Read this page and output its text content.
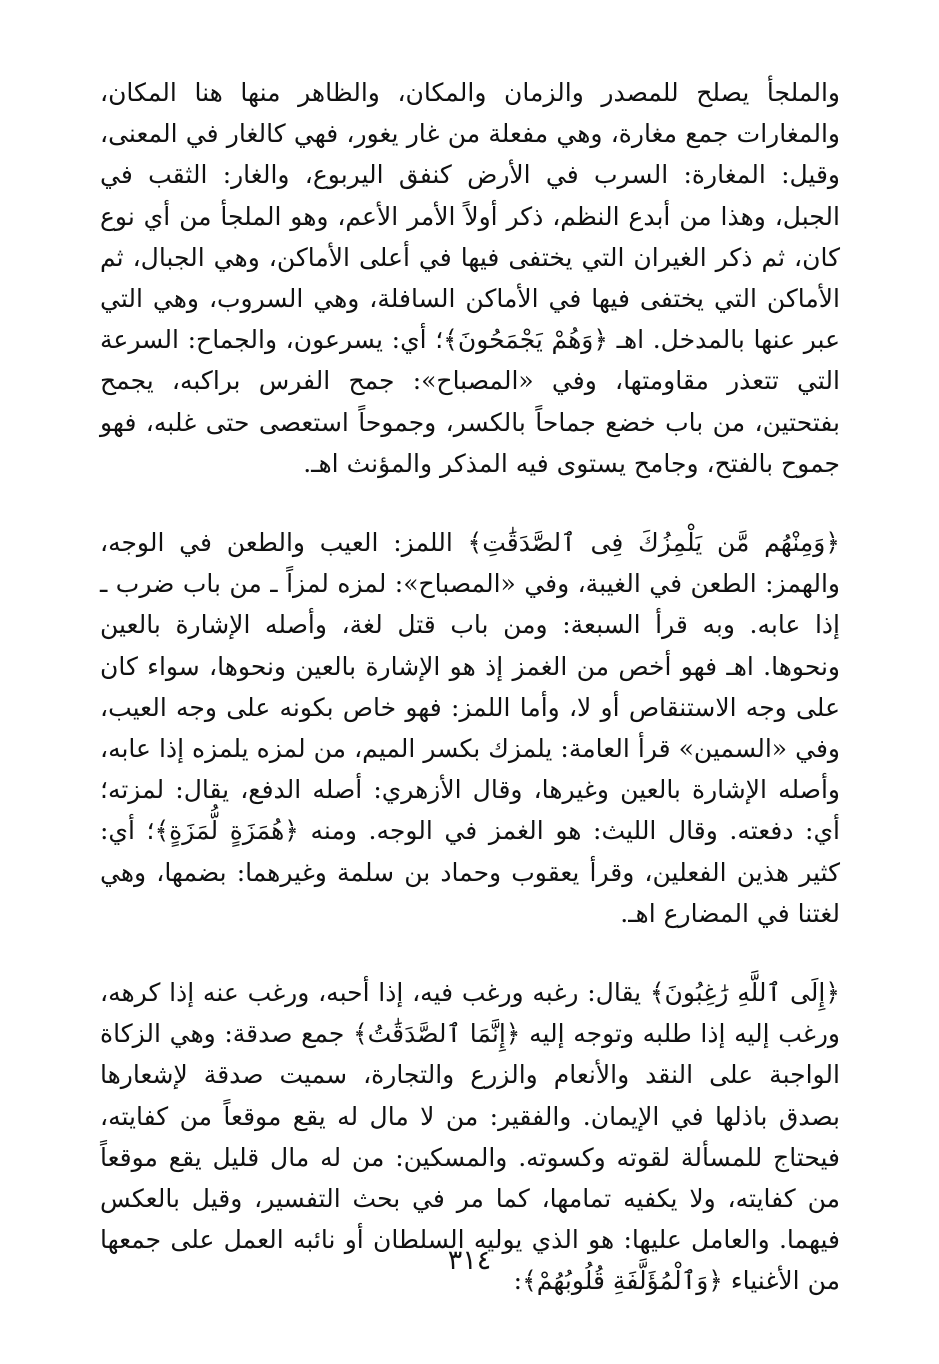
والملجأ يصلح للمصدر والزمان والمكان، والظاهر منها هنا المكان، والمغارات جمع مغارة، وهي مفعلة من غار يغور، فهي كالغار في المعنى، وقيل: المغارة: السرب في الأرض كنفق اليربوع، والغار: الثقب في الجبل، وهذا من أبدع النظم، ذكر أولاً الأمر الأعم، وهو الملجأ من أي نوع كان، ثم ذكر الغيران التي يختفى فيها في أعلى الأماكن، وهي الجبال، ثم الأماكن التي يختفى فيها في الأماكن السافلة، وهي السروب، وهي التي عبر عنها بالمدخل. اهـ ﴿وَهُمْ يَجْمَحُونَ﴾؛ أي: يسرعون، والجماح: السرعة التي تتعذر مقاومتها، وفي «المصباح»: جمح الفرس براكبه، يجمح بفتحتين، من باب خضع جماحاً بالكسر، وجموحاً استعصى حتى غلبه، فهو جموح بالفتح، وجامح يستوى فيه المذكر والمؤنث اهـ.

﴿وَمِنْهُم مَّن يَلْمِزُكَ فِى ٱلصَّدَقَٰتِ﴾ اللمز: العيب والطعن في الوجه، والهمز: الطعن في الغيبة، وفي «المصباح»: لمزه لمزاً ـ من باب ضرب ـ إذا عابه. وبه قرأ السبعة: ومن باب قتل لغة، وأصله الإشارة بالعين ونحوها. اهـ فهو أخص من الغمز إذ هو الإشارة بالعين ونحوها، سواء كان على وجه الاستنقاص أو لا، وأما اللمز: فهو خاص بكونه على وجه العيب، وفي «السمين» قرأ العامة: يلمزك بكسر الميم، من لمزه يلمزه إذا عابه، وأصله الإشارة بالعين وغيرها، وقال الأزهري: أصله الدفع، يقال: لمزته؛ أي: دفعته. وقال الليث: هو الغمز في الوجه. ومنه ﴿هُمَزَةٍ لُّمَزَةٍ﴾؛ أي: كثير هذين الفعلين، وقرأ يعقوب وحماد بن سلمة وغيرهما: بضمها، وهي لغتنا في المضارع اهـ.

﴿إِلَى ٱللَّهِ رَٰغِبُونَ﴾ يقال: رغبه ورغب فيه، إذا أحبه، ورغب عنه إذا كرهه، ورغب إليه إذا طلبه وتوجه إليه ﴿إِنَّمَا ٱلصَّدَقَٰتُ﴾ جمع صدقة: وهي الزكاة الواجبة على النقد والأنعام والزرع والتجارة، سميت صدقة لإشعارها بصدق باذلها في الإيمان. والفقير: من لا مال له يقع موقعاً من كفايته، فيحتاج للمسألة لقوته وكسوته. والمسكين: من له مال قليل يقع موقعاً من كفايته، ولا يكفيه تمامها، كما مر في بحث التفسير، وقيل بالعكس فيهما. والعامل عليها: هو الذي يوليه السلطان أو نائبه العمل على جمعها من الأغنياء ﴿وَٱلْمُؤَلَّفَةِ قُلُوبُهُمْ﴾:

٣١٤
